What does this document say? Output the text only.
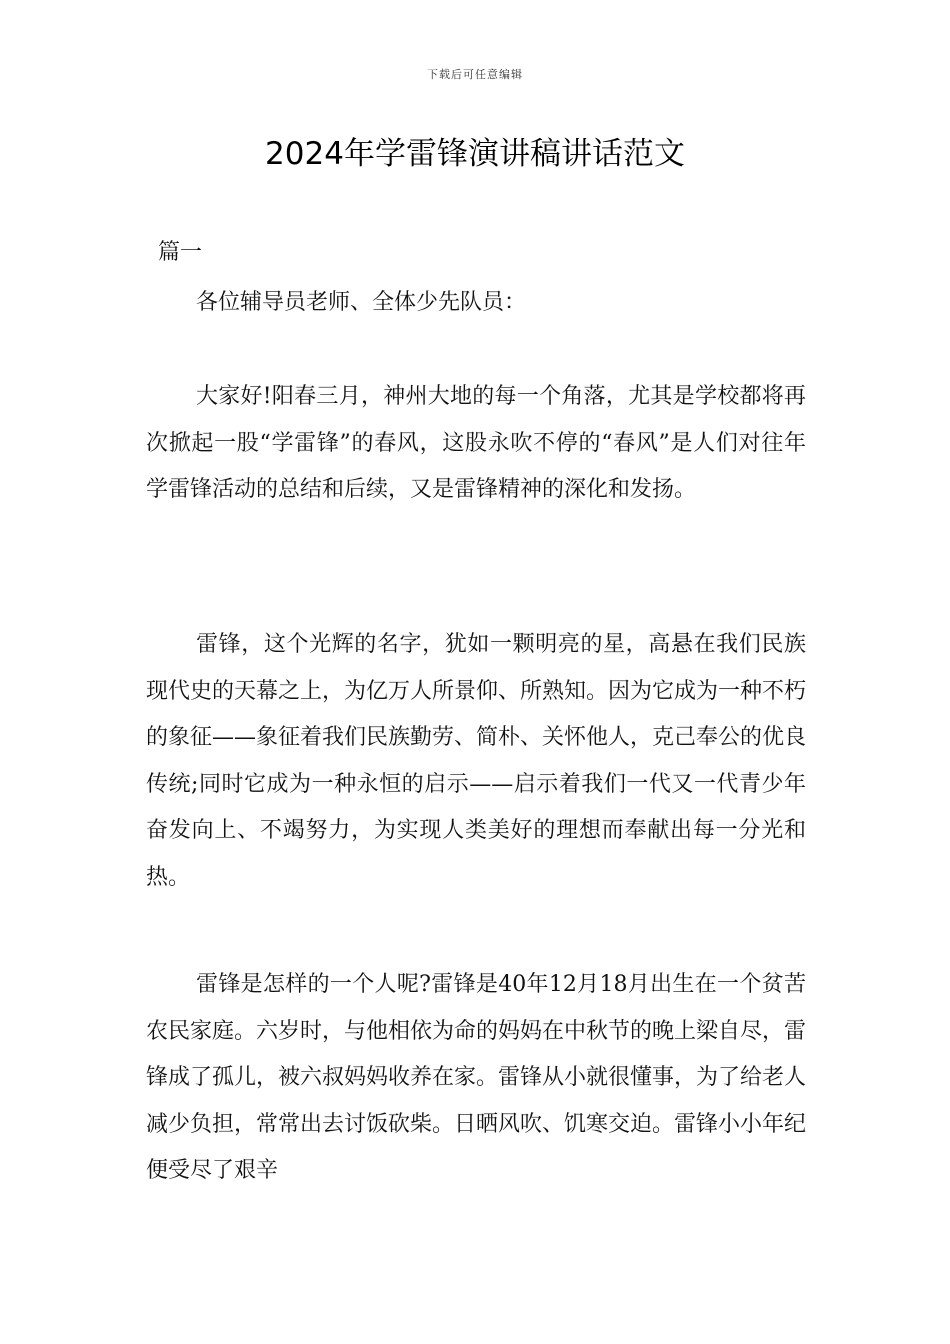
下载后可任意编辑
2024年学雷锋演讲稿讲话范文

篇一

各位辅导员老师、全体少先队员：

大家好!阳春三月，神州大地的每一个角落，尤其是学校都将再次掀起一股“学雷锋”的春风，这股永吹不停的“春风”是人们对往年学雷锋活动的总结和后续，又是雷锋精神的深化和发扬。

雷锋，这个光辉的名字，犹如一颗明亮的星，高悬在我们民族现代史的天幕之上，为亿万人所景仰、所熟知。因为它成为一种不朽的象征——象征着我们民族勤劳、简朴、关怀他人，克己奉公的优良传统;同时它成为一种永恒的启示——启示着我们一代又一代青少年奋发向上、不竭努力，为实现人类美好的理想而奉献出每一分光和热。

雷锋是怎样的一个人呢?雷锋是40年12月18月出生在一个贫苦农民家庭。六岁时，与他相依为命的妈妈在中秋节的晚上梁自尽，雷锋成了孤儿，被六叔妈妈收养在家。雷锋从小就很懂事，为了给老人减少负担，常常出去讨饭砍柴。日晒风吹、饥寒交迫。雷锋小小年纪便受尽了艰辛
